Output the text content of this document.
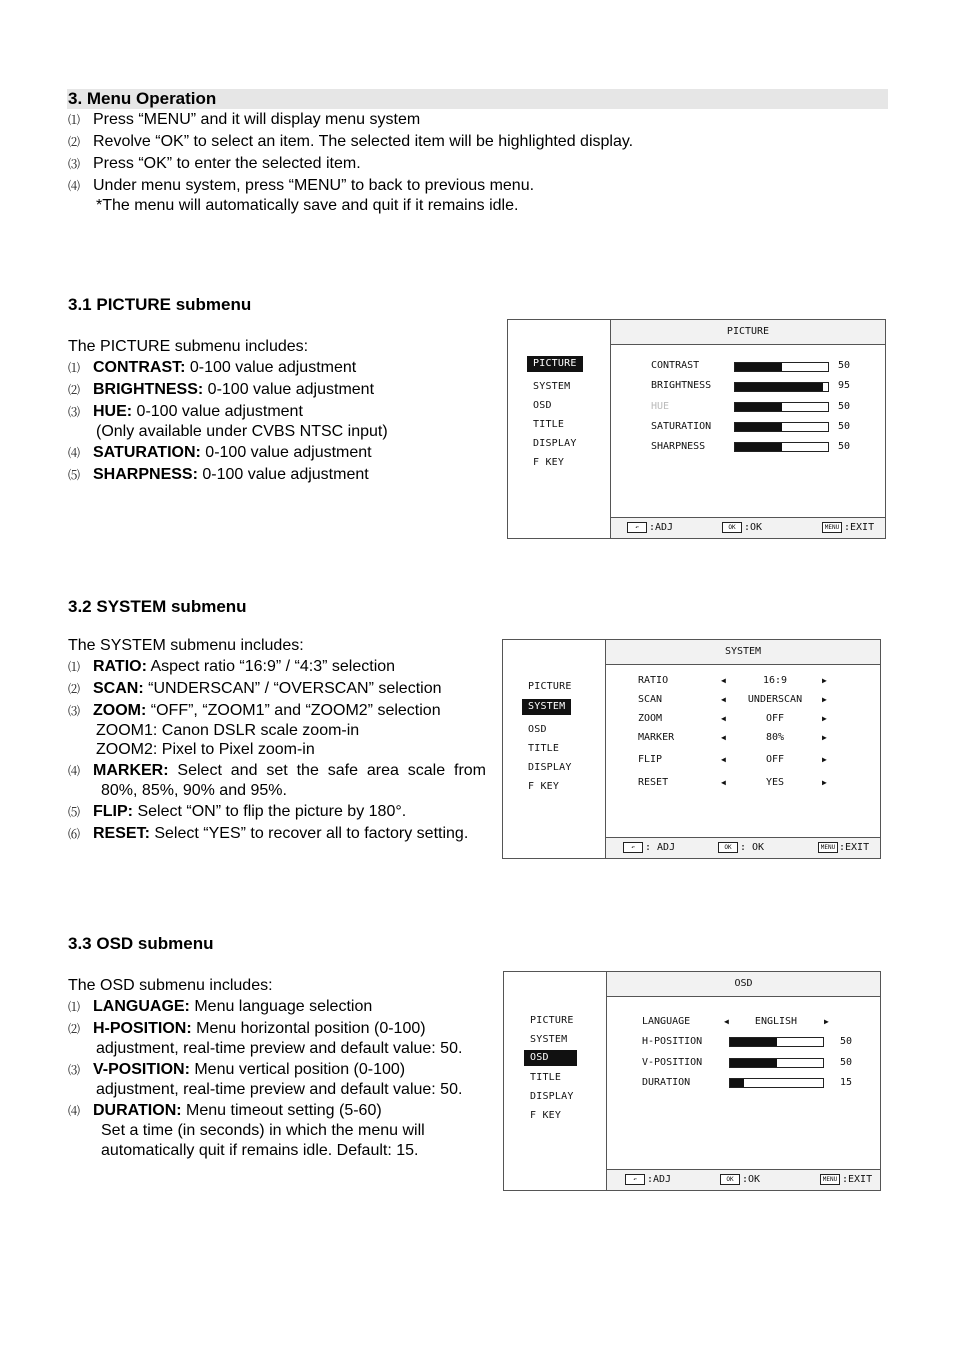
3. Menu Operation
⑴ Press “MENU” and it will display menu system
⑵ Revolve “OK” to select an item. The selected item will be highlighted display.
⑶ Press “OK” to enter the selected item.
⑷ Under menu system, press “MENU” to back to previous menu.
*The menu will automatically save and quit if it remains idle.
3.1 PICTURE submenu
The PICTURE submenu includes:
⑴ CONTRAST: 0-100 value adjustment
⑵ BRIGHTNESS: 0-100 value adjustment
⑶ HUE: 0-100 value adjustment
(Only available under CVBS NTSC input)
⑷ SATURATION: 0-100 value adjustment
⑸ SHARPNESS: 0-100 value adjustment
PICTURE
SYSTEM
OSD
TITLE
DISPLAY
F KEY
PICTURE
CONTRAST	50
BRIGHTNESS	95
HUE	50
SATURATION	50
SHARPNESS	50
↶	:ADJ	OK :OK	MENU :EXIT
3.2 SYSTEM submenu
The SYSTEM submenu includes:
⑴ RATIO: Aspect ratio “16:9” / “4:3” selection
⑵ SCAN: “UNDERSCAN” / “OVERSCAN” selection
⑶ ZOOM: “OFF”, “ZOOM1” and “ZOOM2” selection
ZOOM1: Canon DSLR scale zoom-in
ZOOM2: Pixel to Pixel zoom-in
⑷ MARKER: Select and set the safe area scale from
80%, 85%, 90% and 95%.
⑸ FLIP: Select “ON” to flip the picture by 180°.
⑹ RESET: Select “YES” to recover all to factory setting.
PICTURE
SYSTEM
OSD
TITLE
DISPLAY
F KEY
SYSTEM
RATIO	◀	16:9	▶
SCAN	◀	UNDERSCAN	▶
ZOOM	◀	OFF	▶
MARKER	◀	80%	▶
FLIP	◀	OFF	▶
RESET	◀	YES	▶
↶	: ADJ	OK : OK	MENU :EXIT
3.3 OSD submenu
The OSD submenu includes:
⑴ LANGUAGE: Menu language selection
⑵ H-POSITION: Menu horizontal position (0-100)
adjustment, real-time preview and default value: 50.
⑶ V-POSITION: Menu vertical position (0-100)
adjustment, real-time preview and default value: 50.
⑷ DURATION: Menu timeout setting (5-60)
Set a time (in seconds) in which the menu will
automatically quit if remains idle. Default: 15.
PICTURE
SYSTEM
OSD
TITLE
DISPLAY
F KEY
OSD
LANGUAGE	◀	ENGLISH	▶
H-POSITION	50
V-POSITION	50
DURATION	15
↶	:ADJ	OK :OK	MENU :EXIT
